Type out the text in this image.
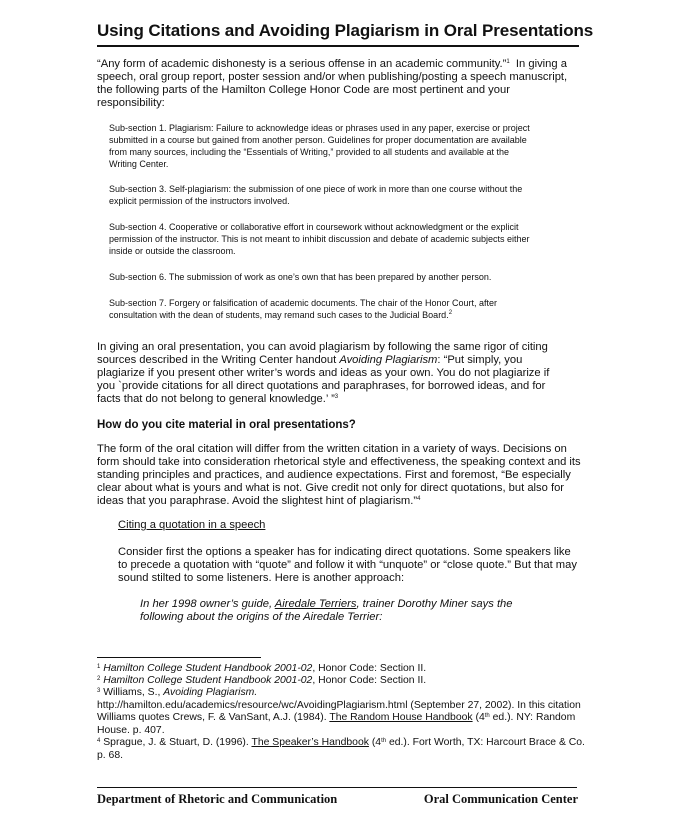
Using Citations and Avoiding Plagiarism in Oral Presentations
“Any form of academic dishonesty is a serious offense in an academic community.”$^1$ In giving a speech, oral group report, poster session and/or when publishing/posting a speech manuscript, the following parts of the Hamilton College Honor Code are most pertinent and your responsibility:
Sub-section 1. Plagiarism: Failure to acknowledge ideas or phrases used in any paper, exercise or project submitted in a course but gained from another person. Guidelines for proper documentation are available from many sources, including the “Essentials of Writing,” provided to all students and available at the Writing Center.
Sub-section 3. Self-plagiarism: the submission of one piece of work in more than one course without the explicit permission of the instructors involved.
Sub-section 4. Cooperative or collaborative effort in coursework without acknowledgment or the explicit permission of the instructor. This is not meant to inhibit discussion and debate of academic subjects either inside or outside the classroom.
Sub-section 6. The submission of work as one’s own that has been prepared by another person.
Sub-section 7. Forgery or falsification of academic documents. The chair of the Honor Court, after consultation with the dean of students, may remand such cases to the Judicial Board.$^2$
In giving an oral presentation, you can avoid plagiarism by following the same rigor of citing sources described in the Writing Center handout Avoiding Plagiarism: “Put simply, you plagiarize if you present other writer’s words and ideas as your own. You do not plagiarize if you `provide citations for all direct quotations and paraphrases, for borrowed ideas, and for facts that do not belong to general knowledge.’ ”$^3$
How do you cite material in oral presentations?
The form of the oral citation will differ from the written citation in a variety of ways. Decisions on form should take into consideration rhetorical style and effectiveness, the speaking context and its standing principles and practices, and audience expectations. First and foremost, “Be especially clear about what is yours and what is not. Give credit not only for direct quotations, but also for ideas that you paraphrase. Avoid the slightest hint of plagiarism.”$^4$
Citing a quotation in a speech
Consider first the options a speaker has for indicating direct quotations. Some speakers like to precede a quotation with “quote” and follow it with “unquote” or “close quote.” But that may sound stilted to some listeners. Here is another approach:
In her 1998 owner’s guide, Airedale Terriers, trainer Dorothy Miner says the following about the origins of the Airedale Terrier:
$^1$ Hamilton College Student Handbook 2001-02, Honor Code: Section II.
$^2$ Hamilton College Student Handbook 2001-02, Honor Code: Section II.
$^3$ Williams, S., Avoiding Plagiarism.
http://hamilton.edu/academics/resource/wc/AvoidingPlagiarism.html (September 27, 2002). In this citation Williams quotes Crews, F. & VanSant, A.J. (1984). The Random House Handbook (4th ed.). NY: Random House. p. 407.
$^4$ Sprague, J. & Stuart, D. (1996). The Speaker’s Handbook (4th ed.). Fort Worth, TX: Harcourt Brace & Co. p. 68.
Department of Rhetoric and Communication	Oral Communication Center
